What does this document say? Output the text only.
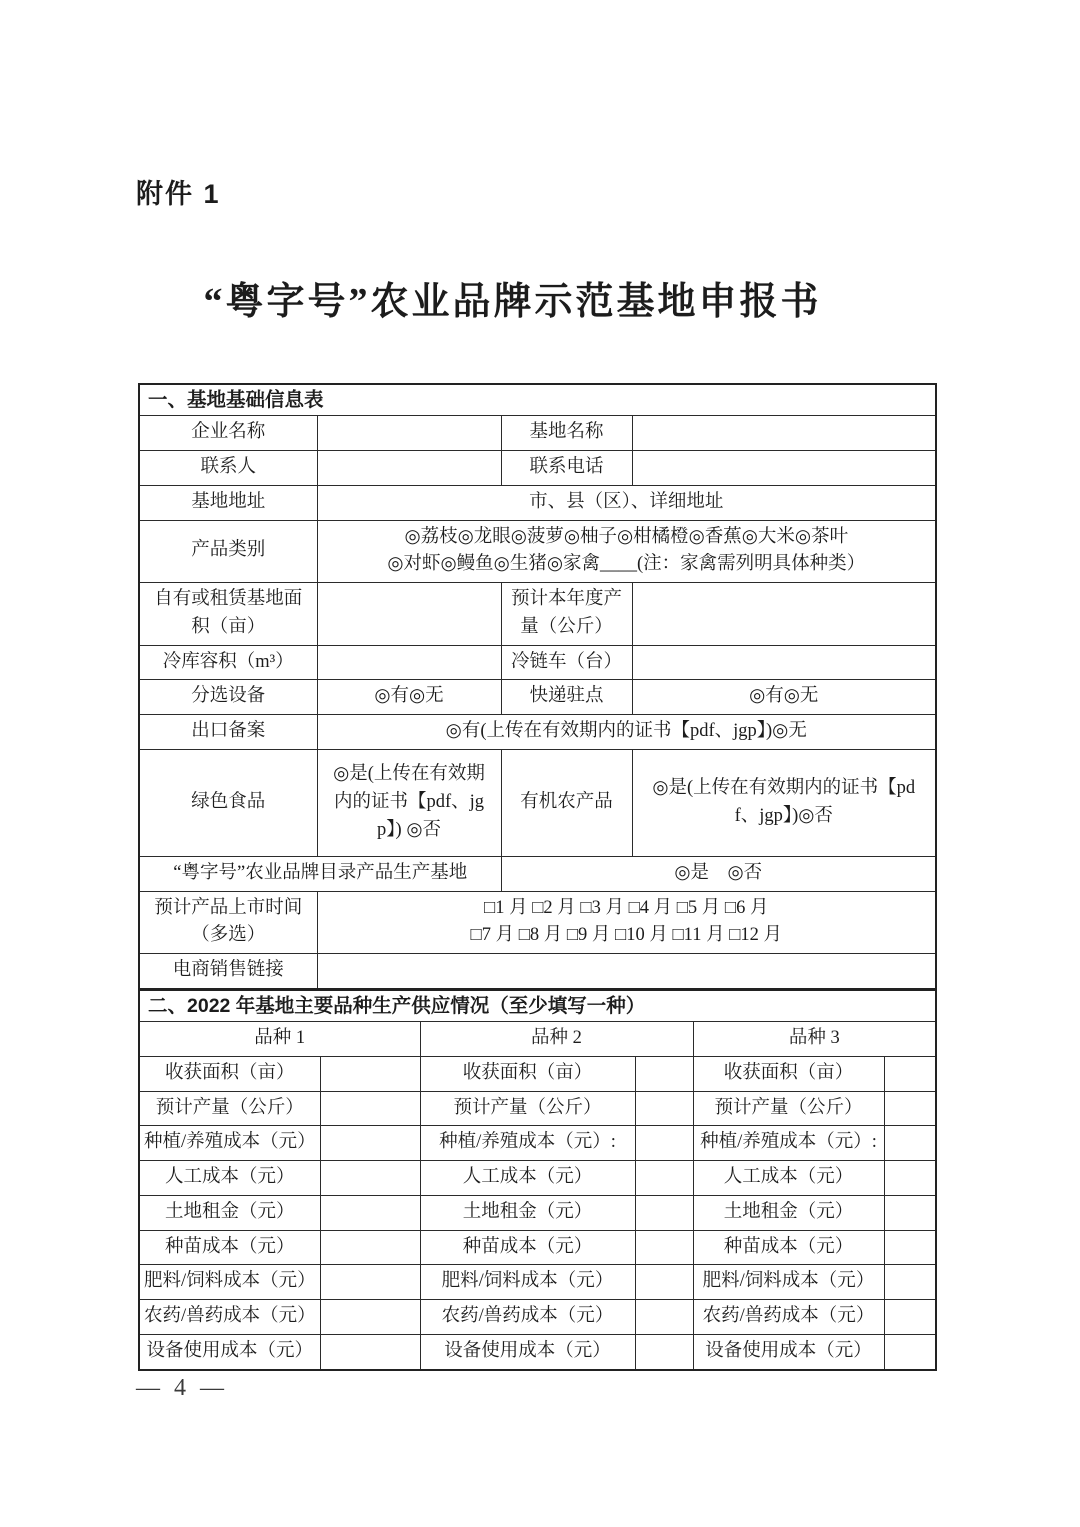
附件 1
“粤字号”农业品牌示范基地申报书
一、基地基础信息表			
企业名称		基地名称	
联系人		联系电话	
基地地址	市、县（区）、详细地址		
产品类别	◎荔枝◎龙眼◎菠萝◎柚子◎柑橘橙◎香蕉◎大米◎茶叶
◎对虾◎鳗鱼◎生猪◎家禽____(注：家禽需列明具体种类）		

自有或租赁基地面积（亩）		预计本年度产量（公斤）	
冷库容积（m³）		冷链车（台）	
分选设备	◎有◎无	快递驻点	◎有◎无
出口备案	◎有(上传在有效期内的证书【pdf、jgp】)◎无		
绿色食品	◎是(上传在有效期内的证书【pdf、jgp】) ◎否	有机农产品	◎是(上传在有效期内的证书【pdf、jgp】)◎否
“粤字号”农业品牌目录产品生产基地		◎是　◎否	
预计产品上市时间（多选）	□1 月 □2 月 □3 月 □4 月 □5 月 □6 月
□7 月 □8 月 □9 月 □10 月 □11 月 □12 月		

电商销售链接			
二、2022 年基地主要品种生产供应情况（至少填写一种）					
品种 1		品种 2		品种 3	
收获面积（亩）		收获面积（亩）		收获面积（亩）	
预计产量（公斤）		预计产量（公斤）		预计产量（公斤）	
种植/养殖成本（元）		种植/养殖成本（元）:		种植/养殖成本（元）:	
人工成本（元）		人工成本（元）		人工成本（元）	
土地租金（元）		土地租金（元）		土地租金（元）	
种苗成本（元）		种苗成本（元）		种苗成本（元）	
肥料/饲料成本（元）		肥料/饲料成本（元）		肥料/饲料成本（元）	
农药/兽药成本（元）		农药/兽药成本（元）		农药/兽药成本（元）	
设备使用成本（元）		设备使用成本（元）		设备使用成本（元）	
— 4 —
